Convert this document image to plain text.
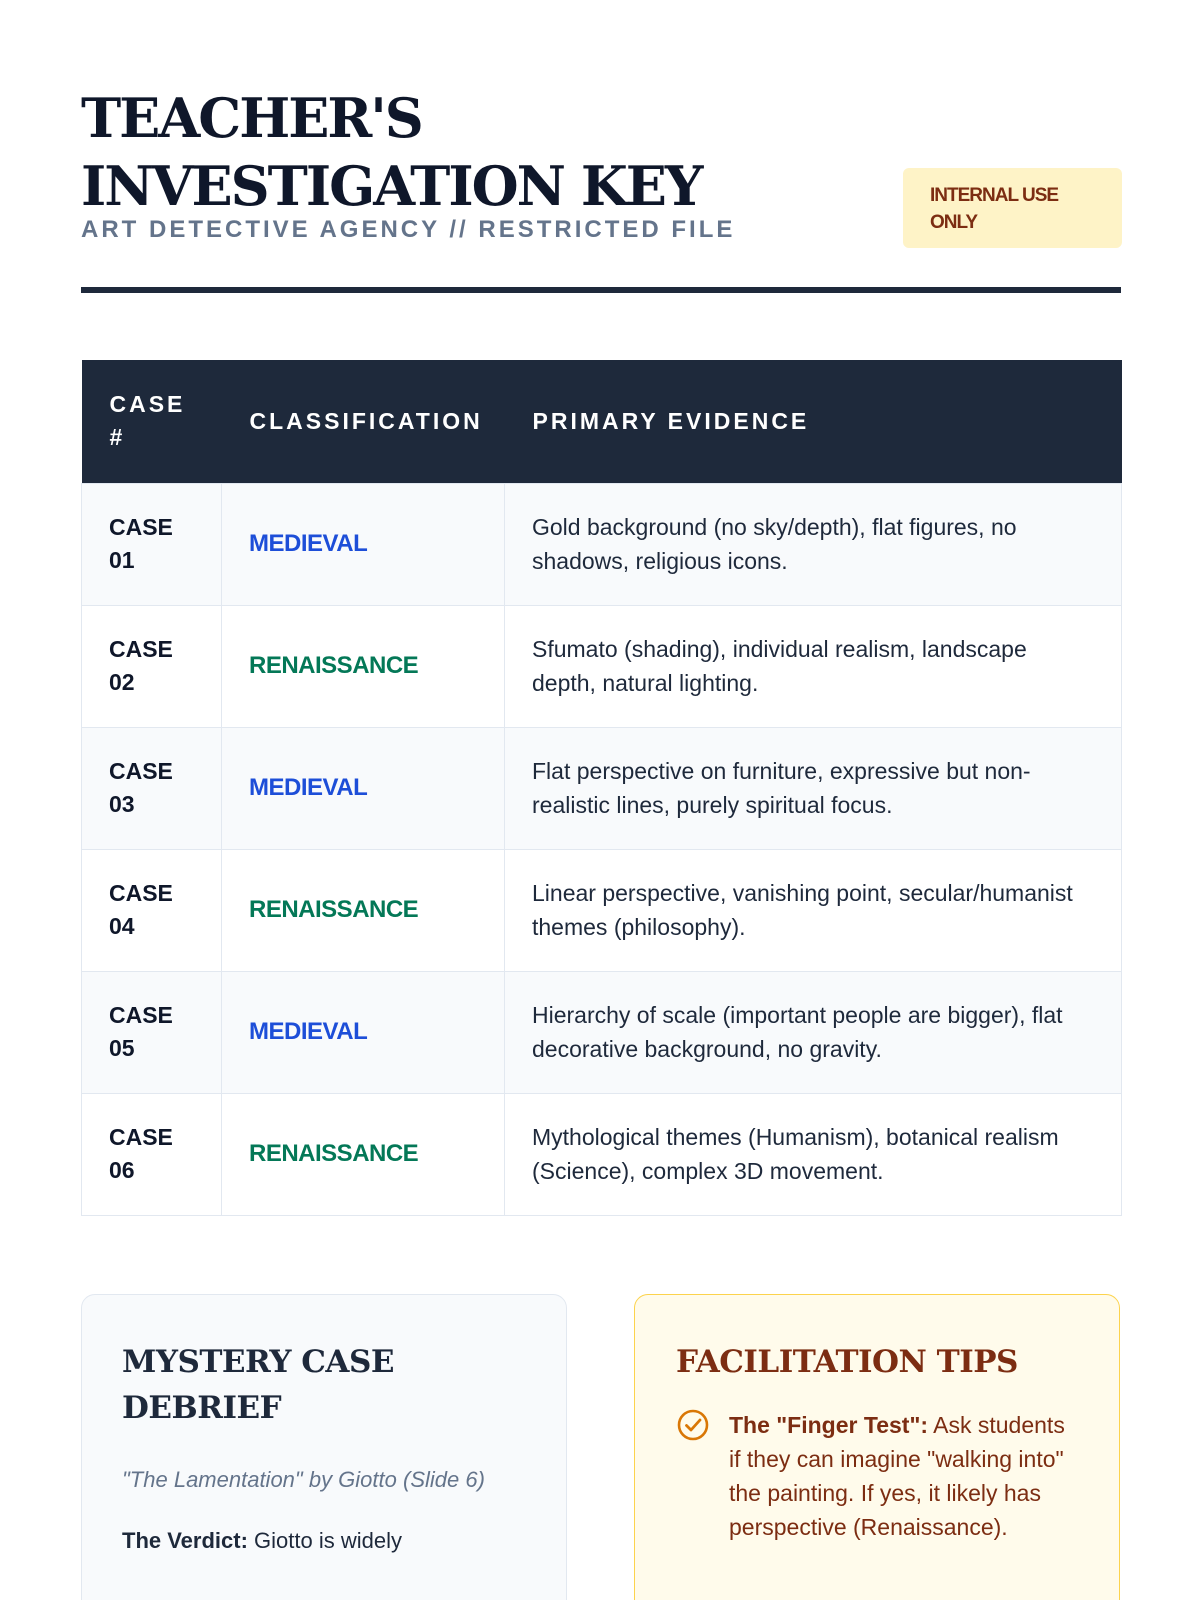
TEACHER'S INVESTIGATION KEY
ART DETECTIVE AGENCY // RESTRICTED FILE
INTERNAL USE ONLY
CASE #	CLASSIFICATION	PRIMARY EVIDENCE
CASE 01	MEDIEVAL	Gold background (no sky/depth), flat figures, no shadows, religious icons.
CASE 02	RENAISSANCE	Sfumato (shading), individual realism, landscape depth, natural lighting.
CASE 03	MEDIEVAL	Flat perspective on furniture, expressive but non-realistic lines, purely spiritual focus.
CASE 04	RENAISSANCE	Linear perspective, vanishing point, secular/humanist themes (philosophy).
CASE 05	MEDIEVAL	Hierarchy of scale (important people are bigger), flat decorative background, no gravity.
CASE 06	RENAISSANCE	Mythological themes (Humanism), botanical realism (Science), complex 3D movement.
MYSTERY CASE DEBRIEF

"The Lamentation" by Giotto (Slide 6)

The Verdict: Giotto is widely

FACILITATION TIPS
The "Finger Test": Ask students if they can imagine "walking into" the painting. If yes, it likely has perspective (Renaissance).
